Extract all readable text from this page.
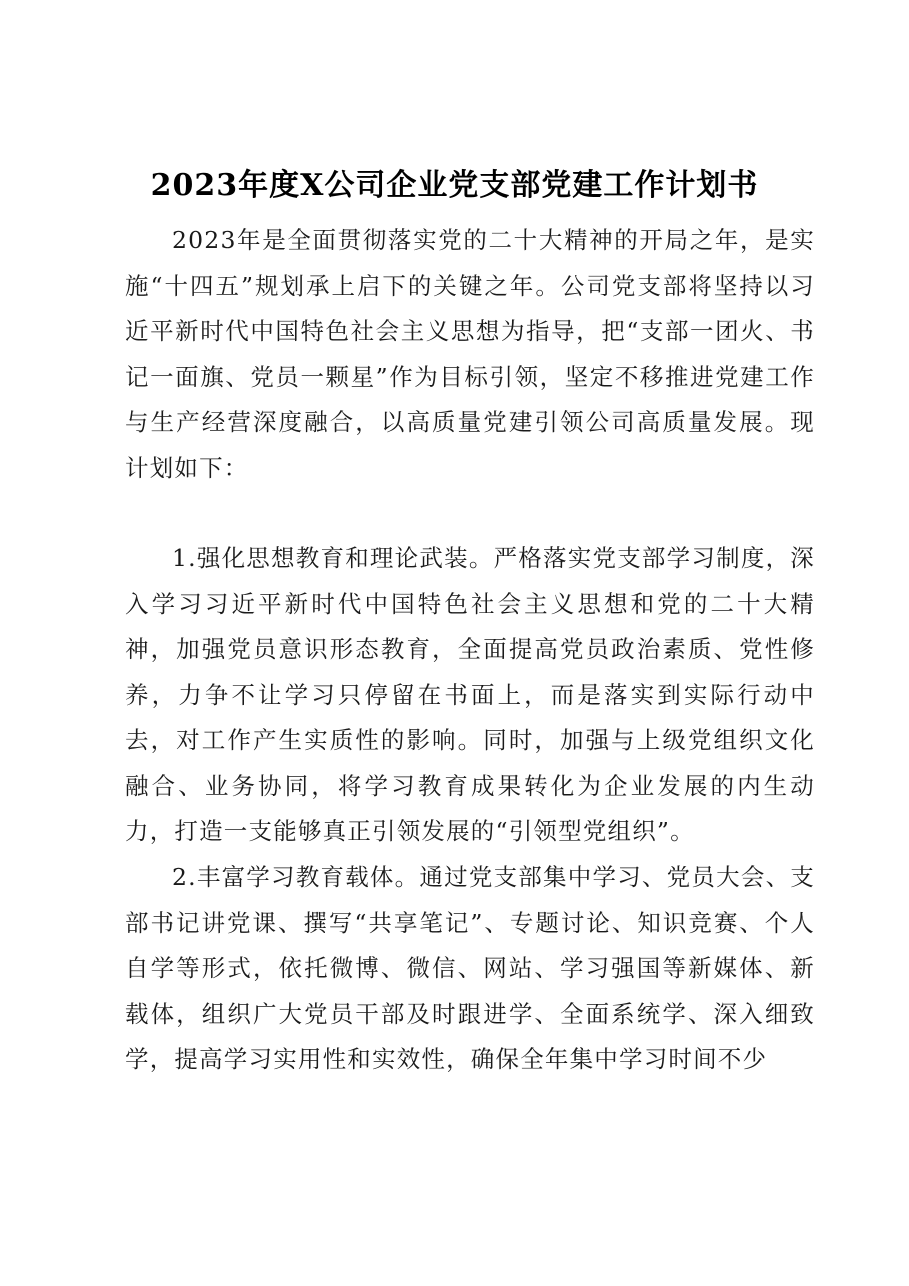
2023年度X公司企业党支部党建工作计划书

2023年是全面贯彻落实党的二十大精神的开局之年，是实施“十四五”规划承上启下的关键之年。公司党支部将坚持以习近平新时代中国特色社会主义思想为指导，把“支部一团火、书记一面旗、党员一颗星”作为目标引领，坚定不移推进党建工作与生产经营深度融合，以高质量党建引领公司高质量发展。现计划如下：

1.强化思想教育和理论武装。严格落实党支部学习制度，深入学习习近平新时代中国特色社会主义思想和党的二十大精神，加强党员意识形态教育，全面提高党员政治素质、党性修养，力争不让学习只停留在书面上，而是落实到实际行动中去，对工作产生实质性的影响。同时，加强与上级党组织文化融合、业务协同，将学习教育成果转化为企业发展的内生动力，打造一支能够真正引领发展的“引领型党组织”。

2.丰富学习教育载体。通过党支部集中学习、党员大会、支部书记讲党课、撰写“共享笔记”、专题讨论、知识竞赛、个人自学等形式，依托微博、微信、网站、学习强国等新媒体、新载体，组织广大党员干部及时跟进学、全面系统学、深入细致学，提高学习实用性和实效性，确保全年集中学习时间不少
